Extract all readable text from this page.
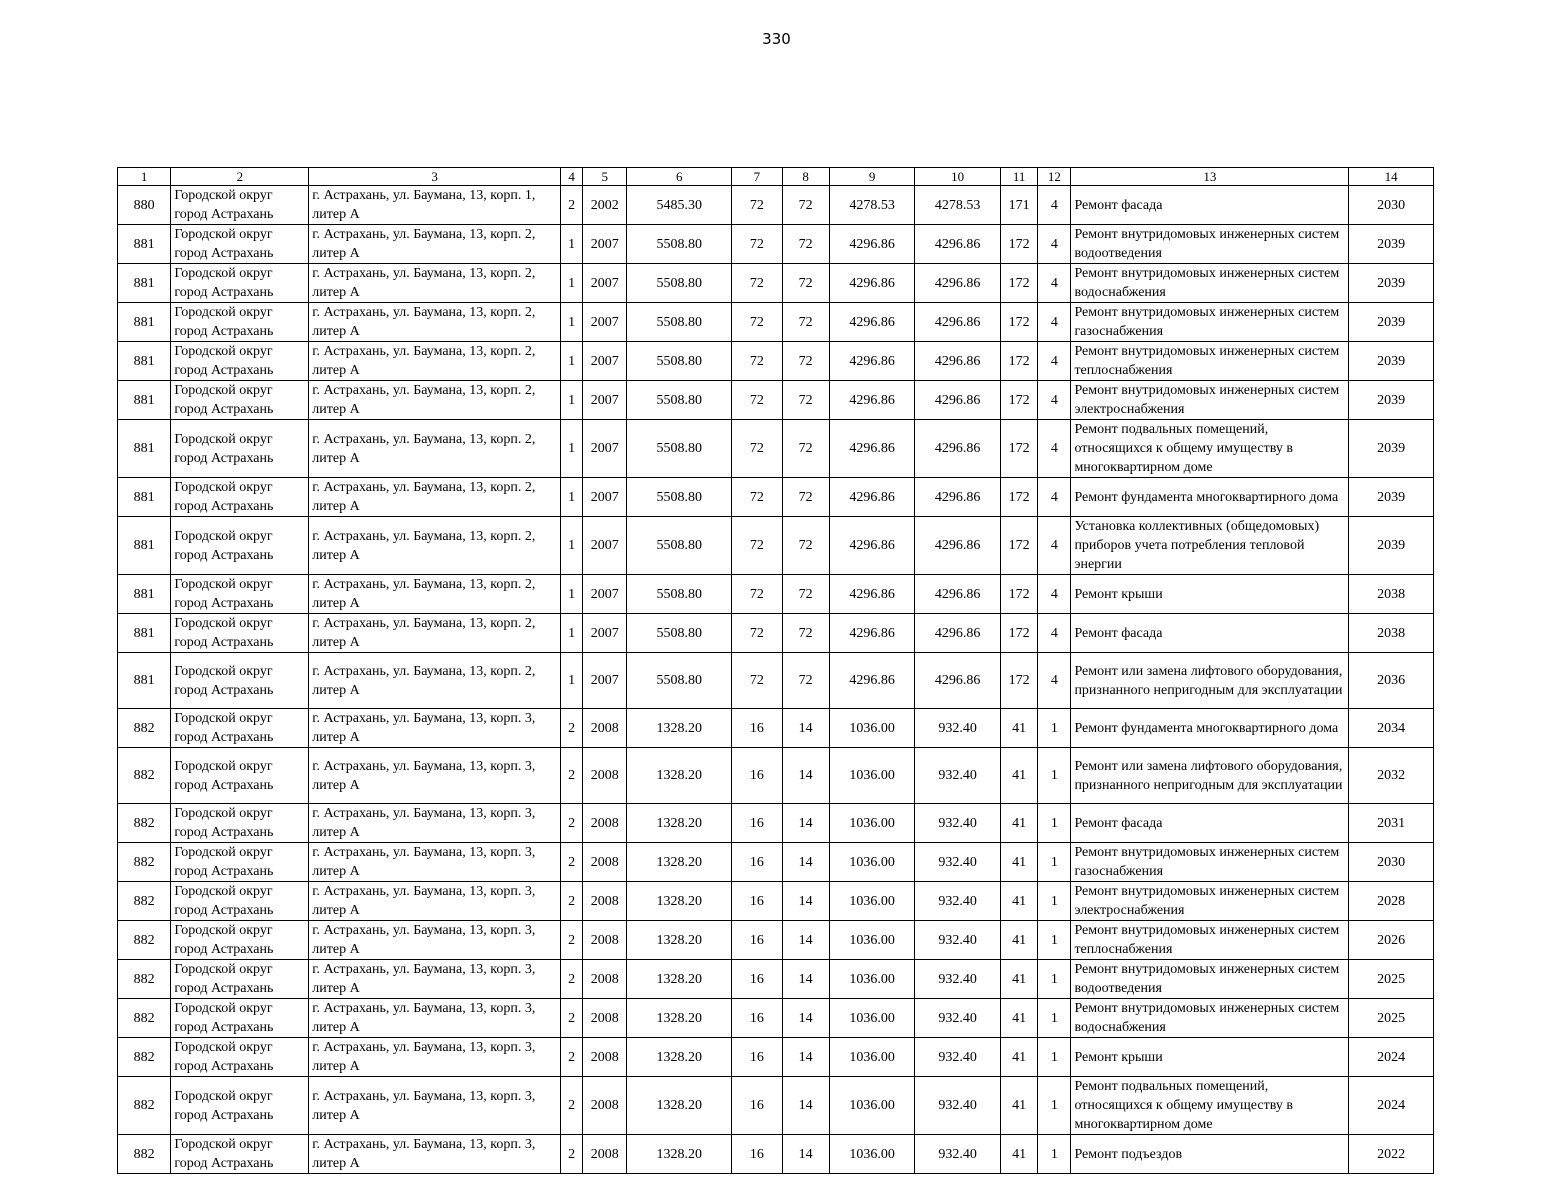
330
1	2	3	4	5	6	7	8	9	10	11	12	13	14
880	Городской округ город Астрахань	г. Астрахань, ул. Баумана, 13, корп. 1, литер А	2	2002	5485.30	72	72	4278.53	4278.53	171	4	Ремонт фасада	2030
881	Городской округ город Астрахань	г. Астрахань, ул. Баумана, 13, корп. 2, литер А	1	2007	5508.80	72	72	4296.86	4296.86	172	4	Ремонт внутридомовых инженерных систем водоотведения	2039
881	Городской округ город Астрахань	г. Астрахань, ул. Баумана, 13, корп. 2, литер А	1	2007	5508.80	72	72	4296.86	4296.86	172	4	Ремонт внутридомовых инженерных систем водоснабжения	2039
881	Городской округ город Астрахань	г. Астрахань, ул. Баумана, 13, корп. 2, литер А	1	2007	5508.80	72	72	4296.86	4296.86	172	4	Ремонт внутридомовых инженерных систем газоснабжения	2039
881	Городской округ город Астрахань	г. Астрахань, ул. Баумана, 13, корп. 2, литер А	1	2007	5508.80	72	72	4296.86	4296.86	172	4	Ремонт внутридомовых инженерных систем теплоснабжения	2039
881	Городской округ город Астрахань	г. Астрахань, ул. Баумана, 13, корп. 2, литер А	1	2007	5508.80	72	72	4296.86	4296.86	172	4	Ремонт внутридомовых инженерных систем электроснабжения	2039
881	Городской округ город Астрахань	г. Астрахань, ул. Баумана, 13, корп. 2, литер А	1	2007	5508.80	72	72	4296.86	4296.86	172	4	Ремонт подвальных помещений, относящихся к общему имуществу в многоквартирном доме	2039
881	Городской округ город Астрахань	г. Астрахань, ул. Баумана, 13, корп. 2, литер А	1	2007	5508.80	72	72	4296.86	4296.86	172	4	Ремонт фундамента многоквартирного дома	2039
881	Городской округ город Астрахань	г. Астрахань, ул. Баумана, 13, корп. 2, литер А	1	2007	5508.80	72	72	4296.86	4296.86	172	4	Установка коллективных (общедомовых) приборов учета потребления тепловой энергии	2039
881	Городской округ город Астрахань	г. Астрахань, ул. Баумана, 13, корп. 2, литер А	1	2007	5508.80	72	72	4296.86	4296.86	172	4	Ремонт крыши	2038
881	Городской округ город Астрахань	г. Астрахань, ул. Баумана, 13, корп. 2, литер А	1	2007	5508.80	72	72	4296.86	4296.86	172	4	Ремонт фасада	2038
881	Городской округ город Астрахань	г. Астрахань, ул. Баумана, 13, корп. 2, литер А	1	2007	5508.80	72	72	4296.86	4296.86	172	4	Ремонт или замена лифтового оборудования, признанного непригодным для эксплуатации	2036
882	Городской округ город Астрахань	г. Астрахань, ул. Баумана, 13, корп. 3, литер А	2	2008	1328.20	16	14	1036.00	932.40	41	1	Ремонт фундамента многоквартирного дома	2034
882	Городской округ город Астрахань	г. Астрахань, ул. Баумана, 13, корп. 3, литер А	2	2008	1328.20	16	14	1036.00	932.40	41	1	Ремонт или замена лифтового оборудования, признанного непригодным для эксплуатации	2032
882	Городской округ город Астрахань	г. Астрахань, ул. Баумана, 13, корп. 3, литер А	2	2008	1328.20	16	14	1036.00	932.40	41	1	Ремонт фасада	2031
882	Городской округ город Астрахань	г. Астрахань, ул. Баумана, 13, корп. 3, литер А	2	2008	1328.20	16	14	1036.00	932.40	41	1	Ремонт внутридомовых инженерных систем газоснабжения	2030
882	Городской округ город Астрахань	г. Астрахань, ул. Баумана, 13, корп. 3, литер А	2	2008	1328.20	16	14	1036.00	932.40	41	1	Ремонт внутридомовых инженерных систем электроснабжения	2028
882	Городской округ город Астрахань	г. Астрахань, ул. Баумана, 13, корп. 3, литер А	2	2008	1328.20	16	14	1036.00	932.40	41	1	Ремонт внутридомовых инженерных систем теплоснабжения	2026
882	Городской округ город Астрахань	г. Астрахань, ул. Баумана, 13, корп. 3, литер А	2	2008	1328.20	16	14	1036.00	932.40	41	1	Ремонт внутридомовых инженерных систем водоотведения	2025
882	Городской округ город Астрахань	г. Астрахань, ул. Баумана, 13, корп. 3, литер А	2	2008	1328.20	16	14	1036.00	932.40	41	1	Ремонт внутридомовых инженерных систем водоснабжения	2025
882	Городской округ город Астрахань	г. Астрахань, ул. Баумана, 13, корп. 3, литер А	2	2008	1328.20	16	14	1036.00	932.40	41	1	Ремонт крыши	2024
882	Городской округ город Астрахань	г. Астрахань, ул. Баумана, 13, корп. 3, литер А	2	2008	1328.20	16	14	1036.00	932.40	41	1	Ремонт подвальных помещений, относящихся к общему имуществу в многоквартирном доме	2024
882	Городской округ город Астрахань	г. Астрахань, ул. Баумана, 13, корп. 3, литер А	2	2008	1328.20	16	14	1036.00	932.40	41	1	Ремонт подъездов	2022
